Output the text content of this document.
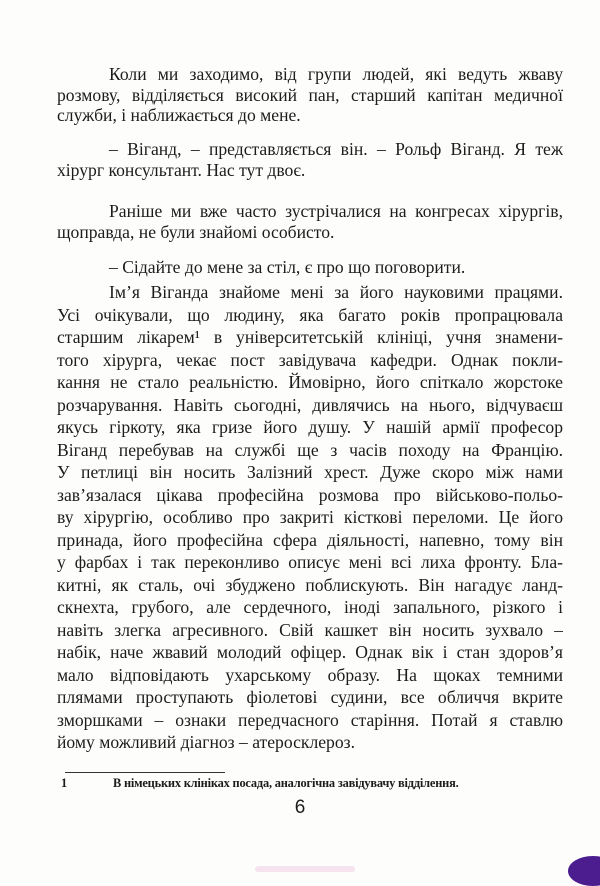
Коли ми заходимо, від групи людей, які ведуть жваву
розмову, відділяється високий пан, старший капітан медичної
служби, і наближається до мене.
– Віганд, – представляється він. – Рольф Віганд. Я теж
хірург консультант. Нас тут двоє.
Раніше ми вже часто зустрічалися на конгресах хірургів,
щоправда, не були знайомі особисто.
– Сідайте до мене за стіл, є про що поговорити.
Ім’я Віганда знайоме мені за його науковими працями.
Усі очікували, що людину, яка багато років пропрацювала
старшим лікарем¹ в університетській клініці, учня знамени-
того хірурга, чекає пост завідувача кафедри. Однак покли-
кання не стало реальністю. Ймовірно, його спіткало жорстоке
розчарування. Навіть сьогодні, дивлячись на нього, відчуваєш
якусь гіркоту, яка гризе його душу. У нашій армії професор
Віганд перебував на службі ще з часів походу на Францію.
У петлиці він носить Залізний хрест. Дуже скоро між нами
зав’язалася цікава професійна розмова про військово-польо-
ву хірургію, особливо про закриті кісткові переломи. Це його
принада, його професійна сфера діяльності, напевно, тому він
у фарбах і так переконливо описує мені всі лиха фронту. Бла-
китні, як сталь, очі збуджено поблискують. Він нагадує ланд-
скнехта, грубого, але сердечного, іноді запального, різкого і
навіть злегка агресивного. Свій кашкет він носить зухвало –
набік, наче жвавий молодий офіцер. Однак вік і стан здоров’я
мало відповідають ухарському образу. На щоках темними
плямами проступають фіолетові судини, все обличчя вкрите
зморшками – ознаки передчасного старіння. Потай я ставлю
йому можливий діагноз – атеросклероз.
1	В німецьких клініках посада, аналогічна завідувачу відділення.
6
